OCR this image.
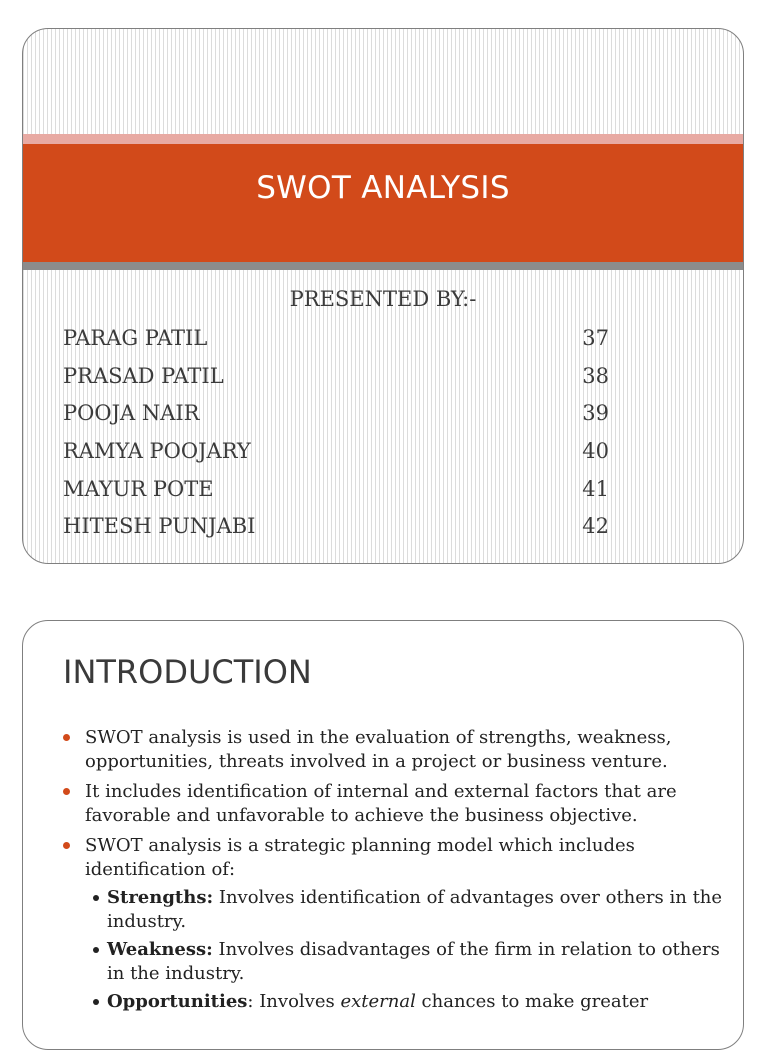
SWOT ANALYSIS
PRESENTED BY:-
PARAG PATIL	37
PRASAD PATIL	38
POOJA NAIR	39
RAMYA POOJARY	40
MAYUR POTE	41
HITESH PUNJABI	42
INTRODUCTION
SWOT analysis is used in the evaluation of strengths, weakness, opportunities, threats involved in a project or business venture.
It includes identification of internal and external factors that are favorable and unfavorable to achieve the business objective.
SWOT analysis is a strategic planning model which includes identification of:
Strengths: Involves identification of advantages over others in the industry.
Weakness: Involves disadvantages of the firm in relation to others in the industry.
Opportunities: Involves external chances to make greater
